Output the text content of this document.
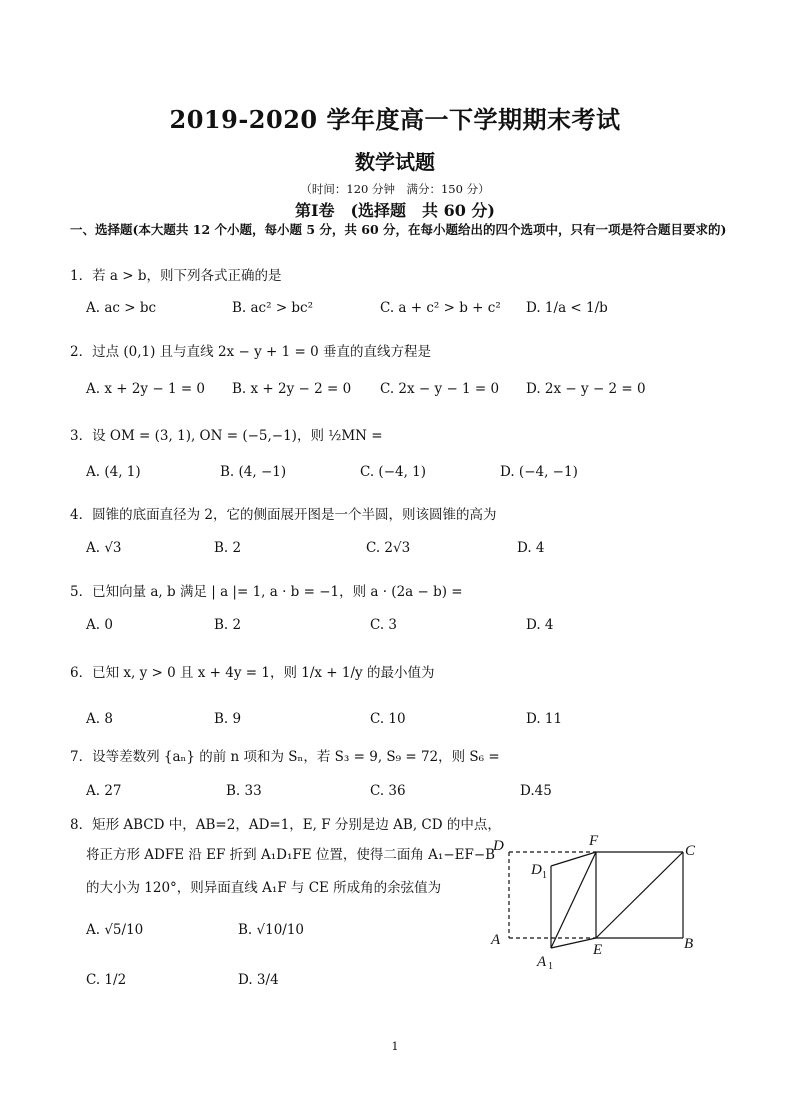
2019-2020 学年度高一下学期期末考试
数学试题
（时间：120 分钟　满分：150 分）
第Ⅰ卷　(选择题　共 60 分)
一、选择题(本大题共 12 个小题，每小题 5 分，共 60 分，在每小题给出的四个选项中，只有一项是符合题目要求的)
1．若 a > b，则下列各式正确的是
A. ac > bc	B. ac² > bc²	C. a + c² > b + c² D. 1/a < 1/b
2．过点 (0,1) 且与直线 2x − y + 1 = 0 垂直的直线方程是
A. x + 2y − 1 = 0 B. x + 2y − 2 = 0 C. 2x − y − 1 = 0 D. 2x − y − 2 = 0
3．设 OM = (3, 1), ON = (−5,−1)，则 ½MN =
A. (4, 1)	B. (4, −1)	C. (−4, 1)	D. (−4, −1)
4．圆锥的底面直径为 2，它的侧面展开图是一个半圆，则该圆锥的高为
A. √3	B. 2	C. 2√3	D. 4
5．已知向量 a, b 满足 | a |= 1, a · b = −1，则 a · (2a − b) =
A. 0	B. 2	C. 3	D. 4
6．已知 x, y > 0 且 x + 4y = 1，则 1/x + 1/y 的最小值为
A. 8	B. 9	C. 10	D. 11
7．设等差数列 {aₙ} 的前 n 项和为 Sₙ，若 S₃ = 9, S₉ = 72，则 S₆ =
A. 27	B. 33	C. 36	D.45
8．矩形 ABCD 中，AB=2，AD=1，E, F 分别是边 AB, CD 的中点，
将正方形 ADFE 沿 EF 折到 A₁D₁FE 位置，使得二面角 A₁−EF−B
的大小为 120°，则异面直线 A₁F 与 CE 所成角的余弦值为
A. √5/10	B. √10/10
C. 1/2	D. 3/4
D	F
C
D 1
A
E	B
A 1
1
